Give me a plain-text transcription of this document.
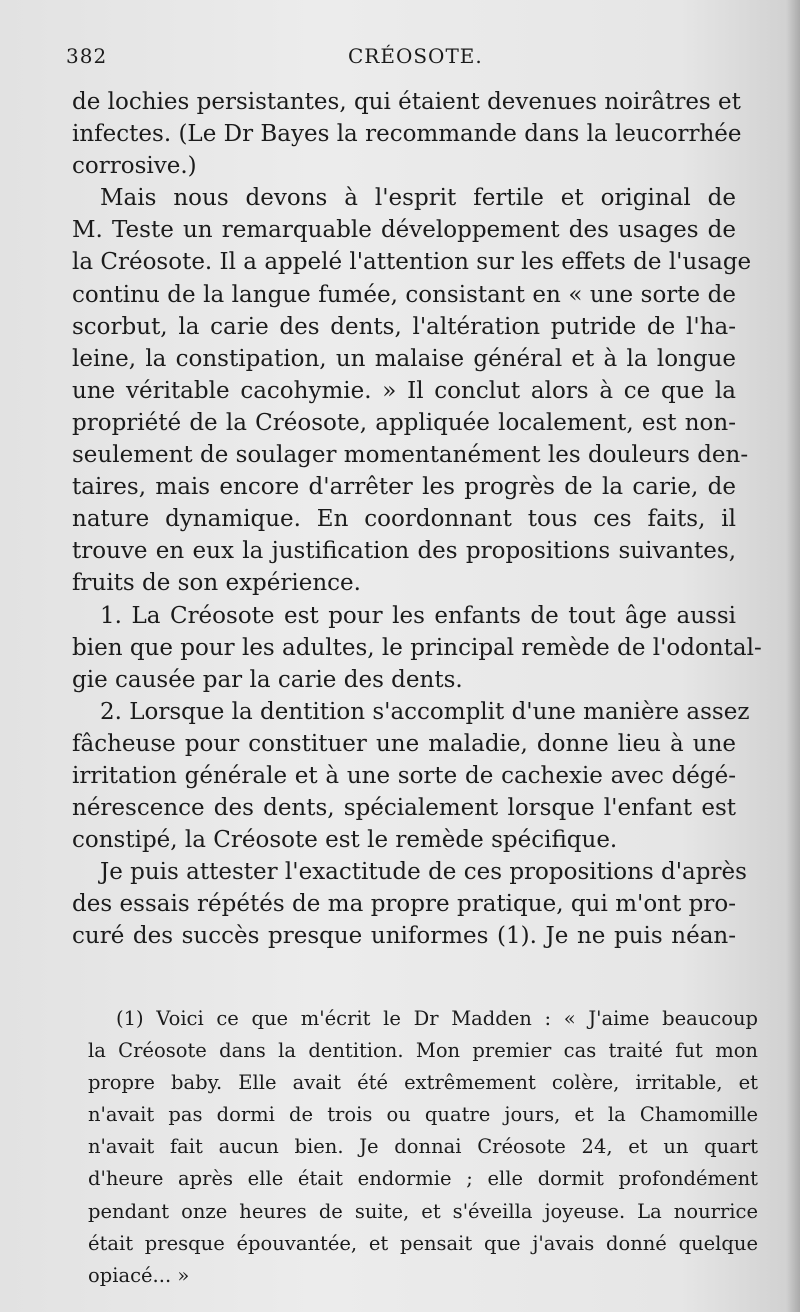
382	CRÉOSOTE.
de lochies persistantes, qui étaient devenues noirâtres et
infectes. (Le Dr Bayes la recommande dans la leucorrhée
corrosive.)
Mais nous devons à l'esprit fertile et original de
M. Teste un remarquable développement des usages de
la Créosote. Il a appelé l'attention sur les effets de l'usage
continu de la langue fumée, consistant en « une sorte de
scorbut, la carie des dents, l'altération putride de l'ha-
leine, la constipation, un malaise général et à la longue
une véritable cacohymie. » Il conclut alors à ce que la
propriété de la Créosote, appliquée localement, est non-
seulement de soulager momentanément les douleurs den-
taires, mais encore d'arrêter les progrès de la carie, de
nature dynamique. En coordonnant tous ces faits, il
trouve en eux la justification des propositions suivantes,
fruits de son expérience.
1. La Créosote est pour les enfants de tout âge aussi
bien que pour les adultes, le principal remède de l'odontal-
gie causée par la carie des dents.
2. Lorsque la dentition s'accomplit d'une manière assez
fâcheuse pour constituer une maladie, donne lieu à une
irritation générale et à une sorte de cachexie avec dégé-
nérescence des dents, spécialement lorsque l'enfant est
constipé, la Créosote est le remède spécifique.
Je puis attester l'exactitude de ces propositions d'après
des essais répétés de ma propre pratique, qui m'ont pro-
curé des succès presque uniformes (1). Je ne puis néan-
(1) Voici ce que m'écrit le Dr Madden : « J'aime beaucoup
la Créosote dans la dentition. Mon premier cas traité fut mon
propre baby. Elle avait été extrêmement colère, irritable, et
n'avait pas dormi de trois ou quatre jours, et la Chamomille
n'avait fait aucun bien. Je donnai Créosote 24, et un quart
d'heure après elle était endormie ; elle dormit profondément
pendant onze heures de suite, et s'éveilla joyeuse. La nourrice
était presque épouvantée, et pensait que j'avais donné quelque
opiacé... »
